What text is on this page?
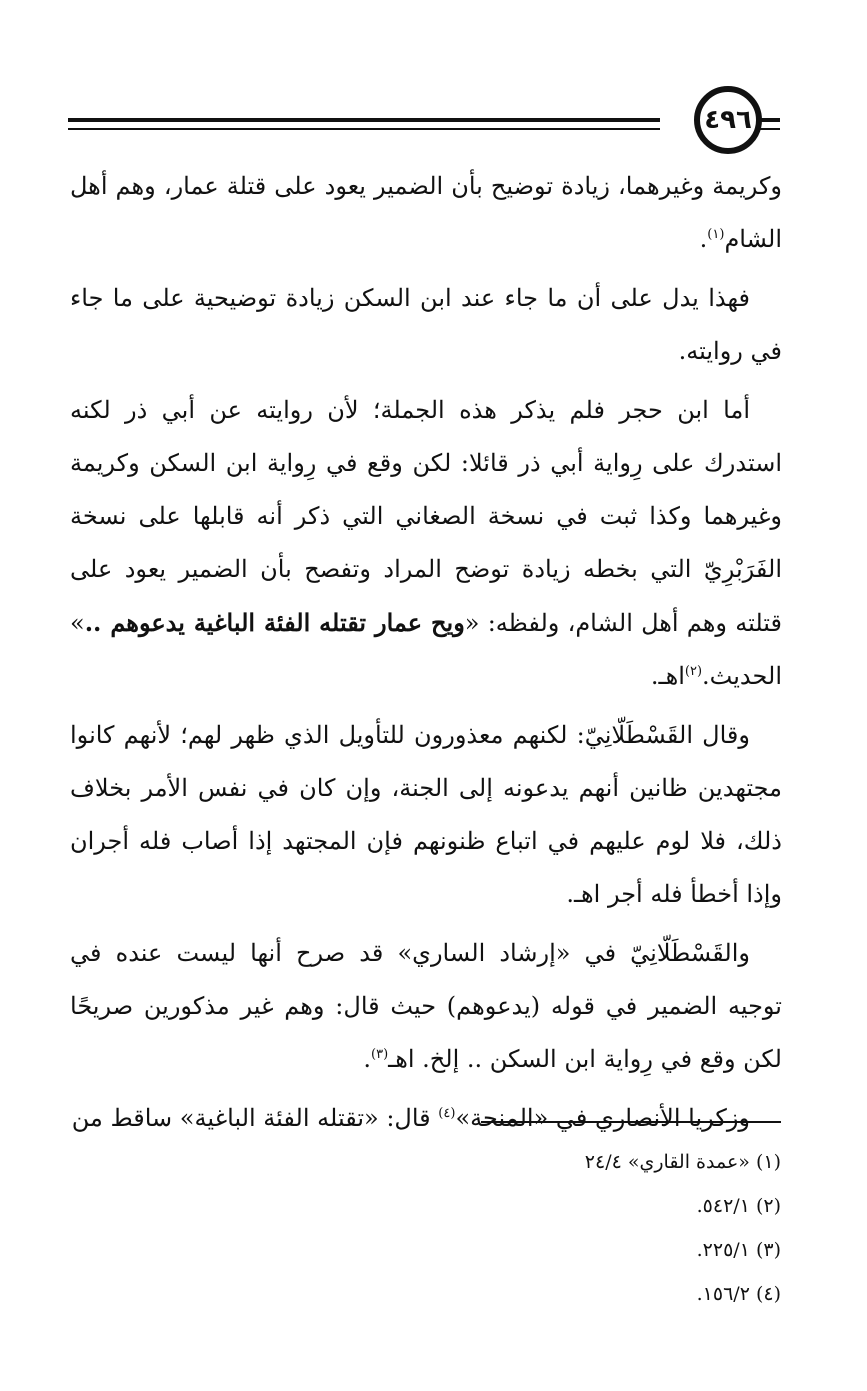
٤٩٦

وكريمة وغيرهما، زيادة توضيح بأن الضمير يعود على قتلة عمار، وهم أهل الشام$^{(١)}$.

فهذا يدل على أن ما جاء عند ابن السكن زيادة توضيحية على ما جاء في روايته.

أما ابن حجر فلم يذكر هذه الجملة؛ لأن روايته عن أبي ذر لكنه استدرك على رِواية أبي ذر قائلا: لكن وقع في رِواية ابن السكن وكريمة وغيرهما وكذا ثبت في نسخة الصغاني التي ذكر أنه قابلها على نسخة الفَرَبْرِيّ التي بخطه زيادة توضح المراد وتفصح بأن الضمير يعود على قتلته وهم أهل الشام، ولفظه: «ويح عمار تقتله الفئة الباغية يدعوهم ..» الحديث.$^{(٢)}$اهـ.

وقال القَسْطَلّانِيّ: لكنهم معذورون للتأويل الذي ظهر لهم؛ لأنهم كانوا مجتهدين ظانين أنهم يدعونه إلى الجنة، وإن كان في نفس الأمر بخلاف ذلك، فلا لوم عليهم في اتباع ظنونهم فإن المجتهد إذا أصاب فله أجران وإذا أخطأ فله أجر اهـ.

والقَسْطَلّانِيّ في «إرشاد الساري» قد صرح أنها ليست عنده في توجيه الضمير في قوله (يدعوهم) حيث قال: وهم غير مذكورين صريحًا لكن وقع في رِواية ابن السكن .. إلخ. اهـ$^{(٣)}$.

وزكريا الأنصاري في «المنحة»$^{(٤)}$ قال: «تقتله الفئة الباغية» ساقط من

(١) «عمدة القاري» ٢٤/٤
(٢) ٥٤٢/١.
(٣) ٢٢٥/١.
(٤) ١٥٦/٢.
